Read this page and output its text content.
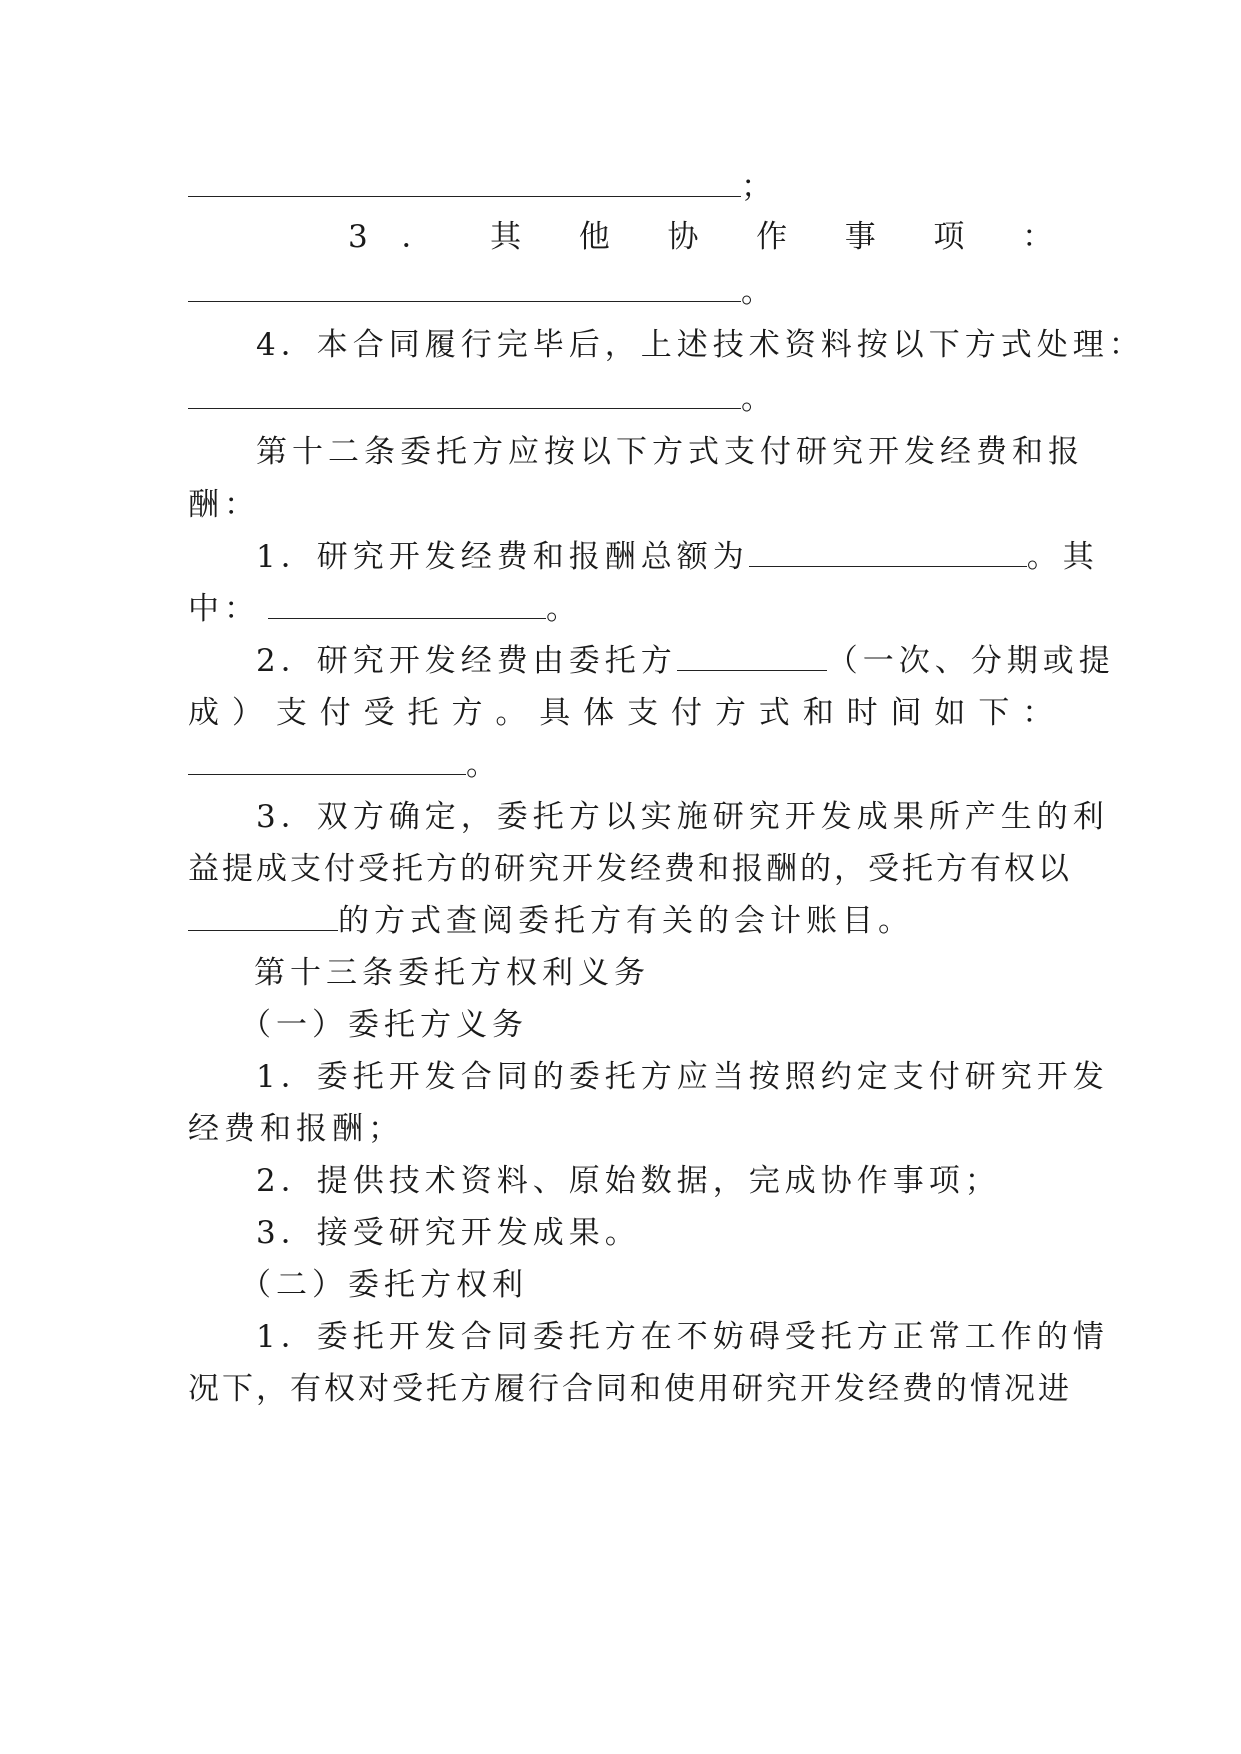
；
3 ． 其 他 协 作 事 项 ：
。
4．本合同履行完毕后，上述技术资料按以下方式处理：
。
第十二条委托方应按以下方式支付研究开发经费和报
酬：
1．研究开发经费和报酬总额为	。其
中：	。
2．研究开发经费由委托方	（一次、分期或提
成 ） 支 付 受 托 方 。 具 体 支 付 方 式 和 时 间 如 下 ：
。
3．双方确定，委托方以实施研究开发成果所产生的利
益提成支付受托方的研究开发经费和报酬的，受托方有权以
的方式查阅委托方有关的会计账目。
第十三条委托方权利义务
（一）委托方义务
1．委托开发合同的委托方应当按照约定支付研究开发
经费和报酬；
2．提供技术资料、原始数据，完成协作事项；
3．接受研究开发成果。
（二）委托方权利
1．委托开发合同委托方在不妨碍受托方正常工作的情
况下，有权对受托方履行合同和使用研究开发经费的情况进
